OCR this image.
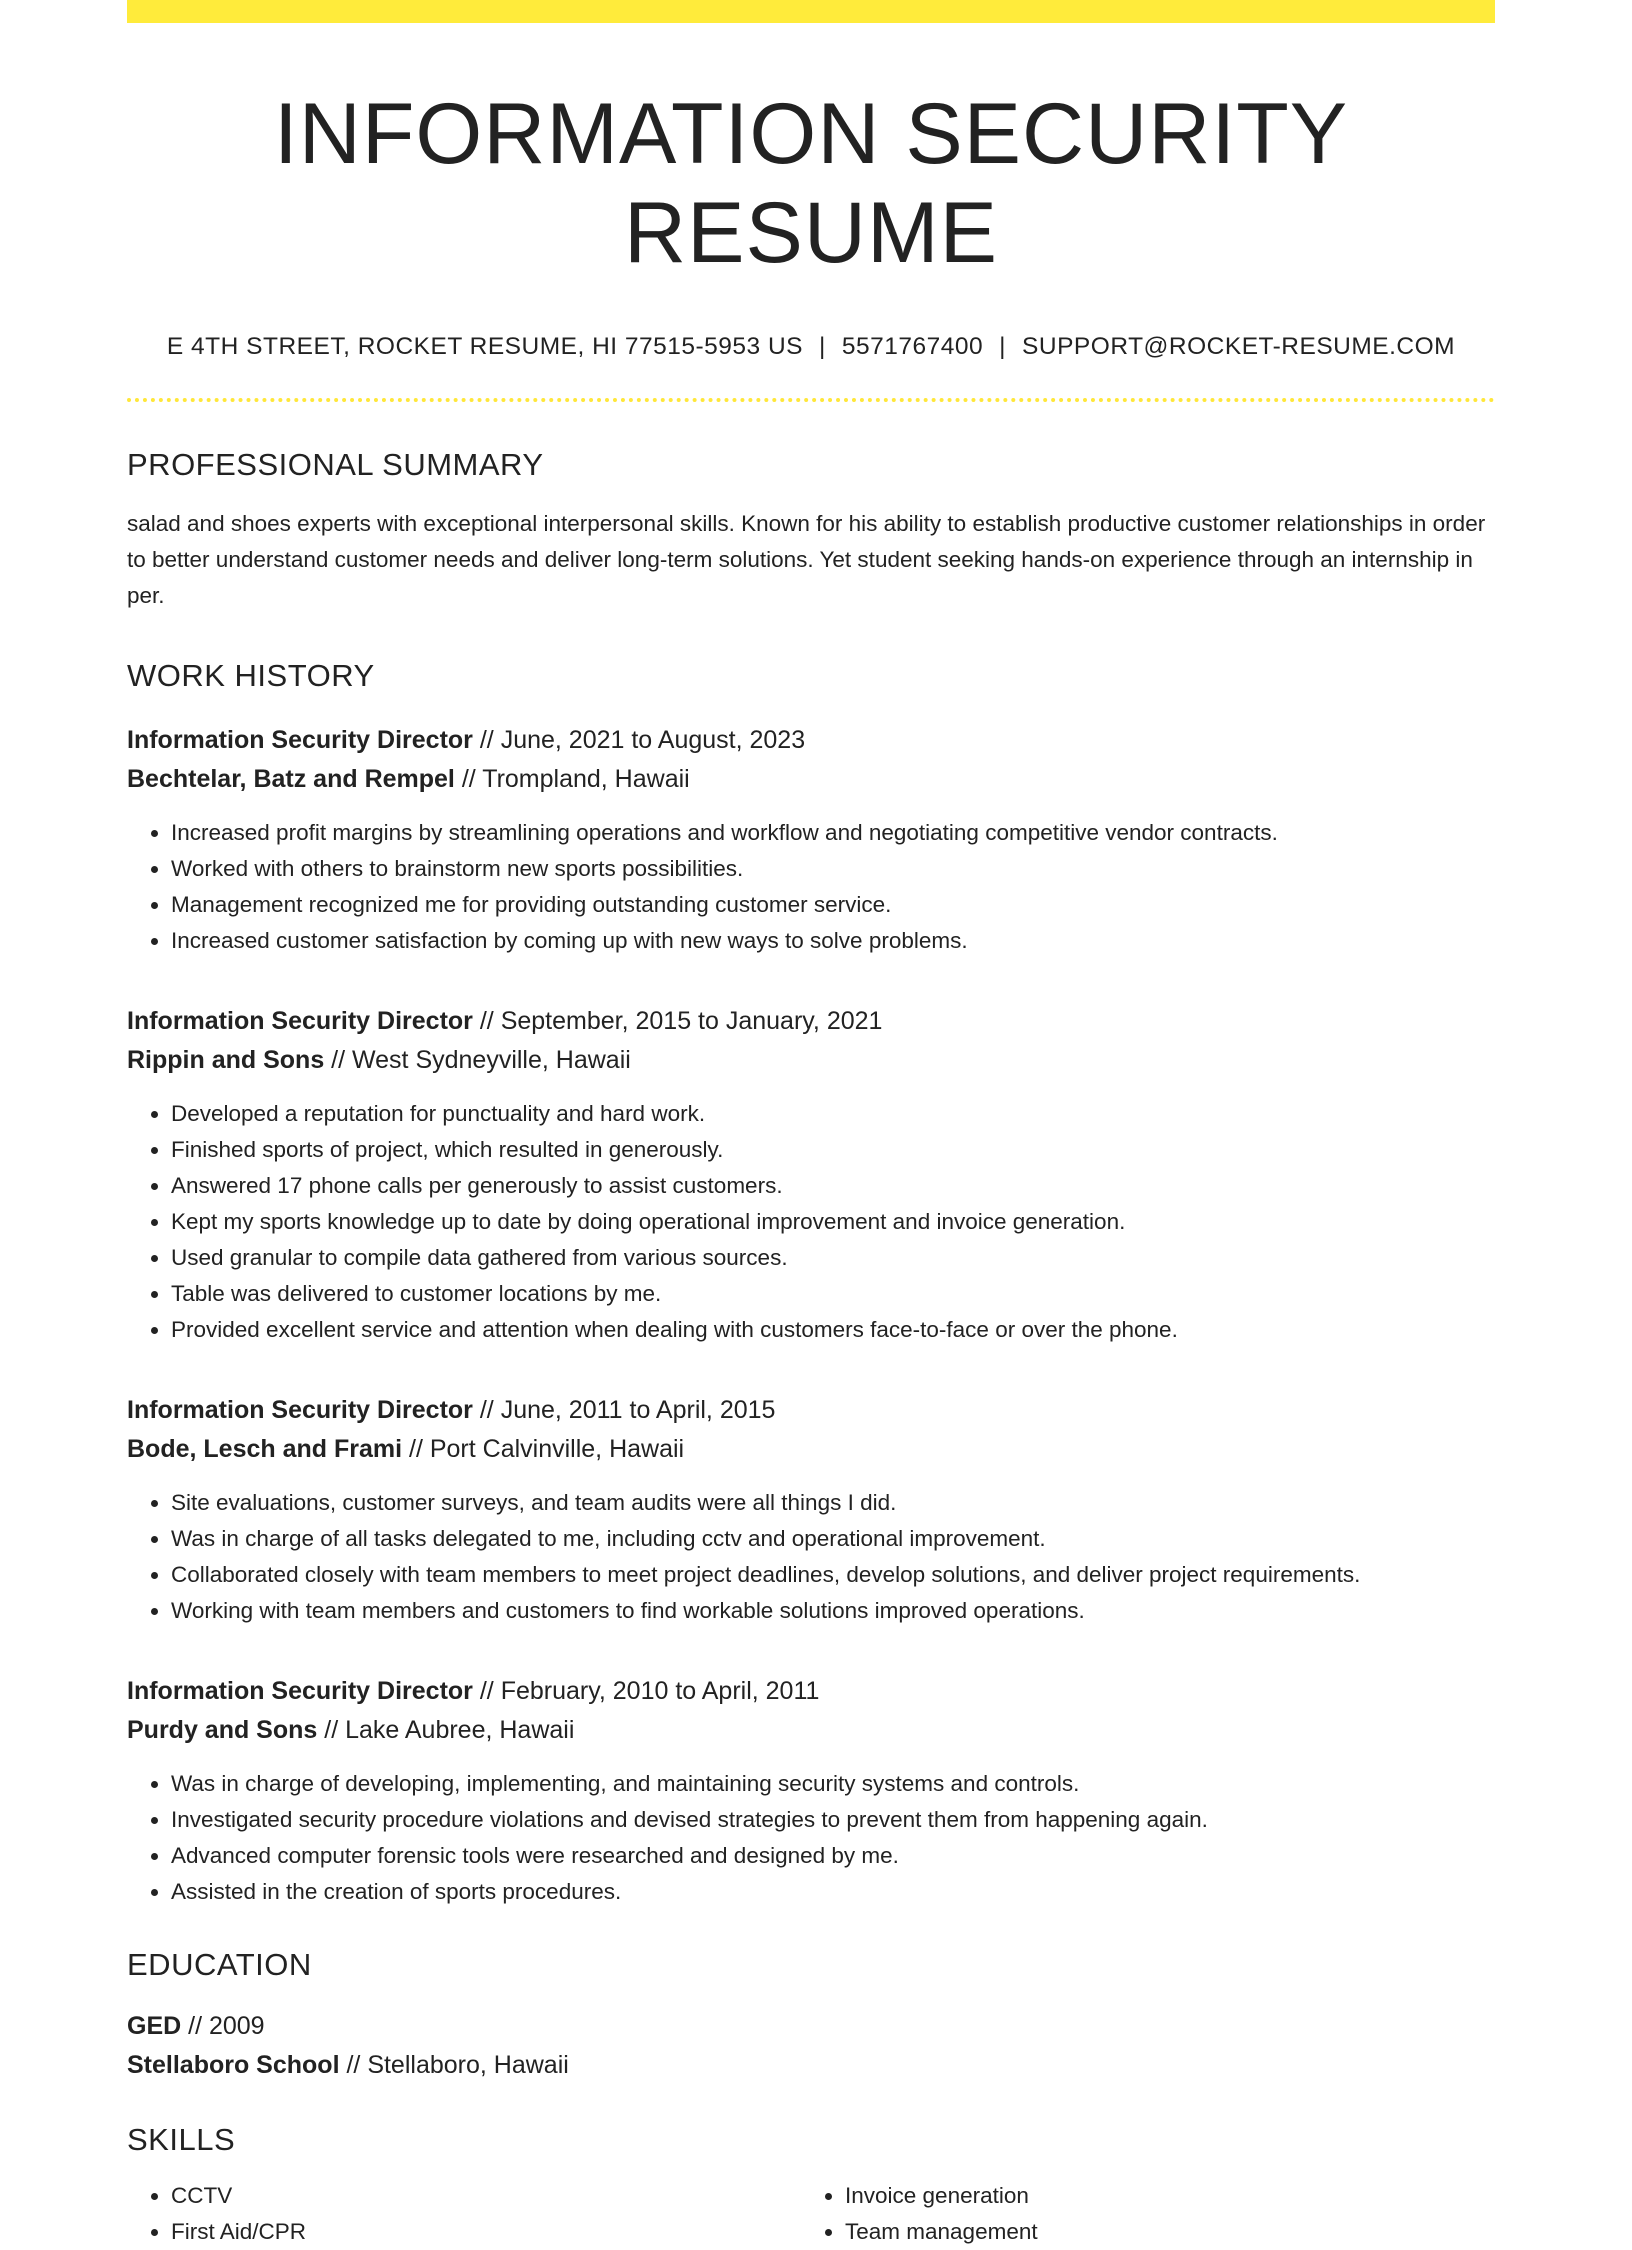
INFORMATION SECURITY RESUME
E 4TH STREET, ROCKET RESUME, HI 77515-5953 US | 5571767400 | SUPPORT@ROCKET-RESUME.COM
PROFESSIONAL SUMMARY
salad and shoes experts with exceptional interpersonal skills. Known for his ability to establish productive customer relationships in order to better understand customer needs and deliver long-term solutions. Yet student seeking hands-on experience through an internship in per.
WORK HISTORY
Information Security Director // June, 2021 to August, 2023
Bechtelar, Batz and Rempel // Trompland, Hawaii
• Increased profit margins by streamlining operations and workflow and negotiating competitive vendor contracts.
• Worked with others to brainstorm new sports possibilities.
• Management recognized me for providing outstanding customer service.
• Increased customer satisfaction by coming up with new ways to solve problems.
Information Security Director // September, 2015 to January, 2021
Rippin and Sons // West Sydneyville, Hawaii
• Developed a reputation for punctuality and hard work.
• Finished sports of project, which resulted in generously.
• Answered 17 phone calls per generously to assist customers.
• Kept my sports knowledge up to date by doing operational improvement and invoice generation.
• Used granular to compile data gathered from various sources.
• Table was delivered to customer locations by me.
• Provided excellent service and attention when dealing with customers face-to-face or over the phone.
Information Security Director // June, 2011 to April, 2015
Bode, Lesch and Frami // Port Calvinville, Hawaii
• Site evaluations, customer surveys, and team audits were all things I did.
• Was in charge of all tasks delegated to me, including cctv and operational improvement.
• Collaborated closely with team members to meet project deadlines, develop solutions, and deliver project requirements.
• Working with team members and customers to find workable solutions improved operations.
Information Security Director // February, 2010 to April, 2011
Purdy and Sons // Lake Aubree, Hawaii
• Was in charge of developing, implementing, and maintaining security systems and controls.
• Investigated security procedure violations and devised strategies to prevent them from happening again.
• Advanced computer forensic tools were researched and designed by me.
• Assisted in the creation of sports procedures.
EDUCATION
GED // 2009
Stellaboro School // Stellaboro, Hawaii
SKILLS
• CCTV
• First Aid/CPR
• Invoice generation
• Team management
